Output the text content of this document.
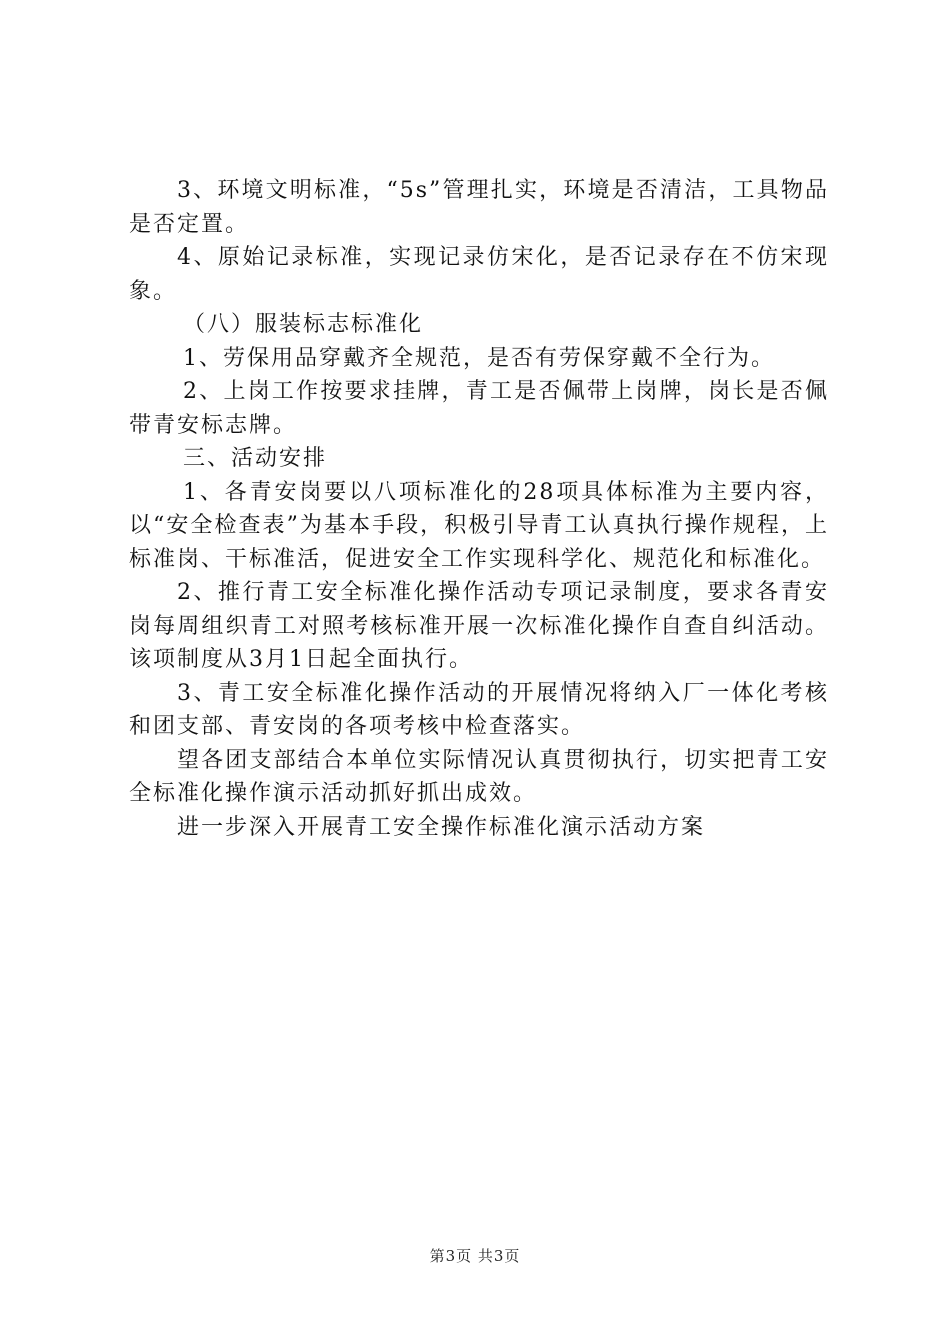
3、环境文明标准，“5s”管理扎实，环境是否清洁，工具物品是否定置。

4、原始记录标准，实现记录仿宋化，是否记录存在不仿宋现象。

（八）服装标志标准化

1、劳保用品穿戴齐全规范，是否有劳保穿戴不全行为。

2、上岗工作按要求挂牌，青工是否佩带上岗牌，岗长是否佩带青安标志牌。

三、活动安排

1、各青安岗要以八项标准化的28项具体标准为主要内容，以“安全检查表”为基本手段，积极引导青工认真执行操作规程，上标准岗、干标准活，促进安全工作实现科学化、规范化和标准化。

2、推行青工安全标准化操作活动专项记录制度，要求各青安岗每周组织青工对照考核标准开展一次标准化操作自查自纠活动。该项制度从3月1日起全面执行。

3、青工安全标准化操作活动的开展情况将纳入厂一体化考核和团支部、青安岗的各项考核中检查落实。

望各团支部结合本单位实际情况认真贯彻执行，切实把青工安全标准化操作演示活动抓好抓出成效。

进一步深入开展青工安全操作标准化演示活动方案

第3页 共3页
